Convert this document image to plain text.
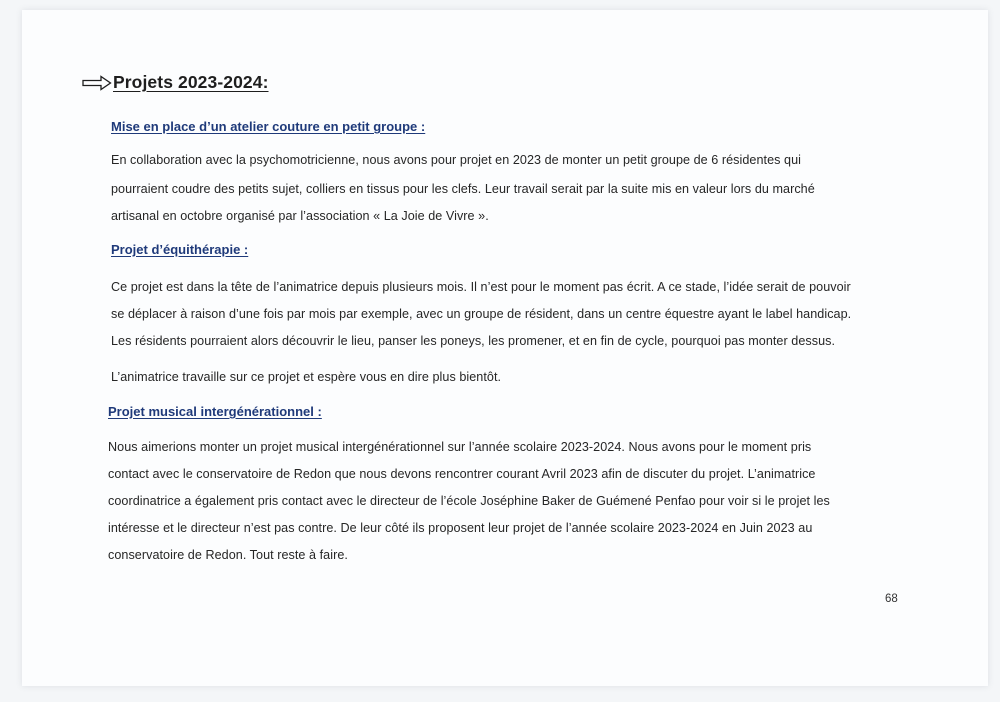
Projets 2023-2024:
Mise en place d’un atelier couture en petit groupe :
En collaboration avec la psychomotricienne, nous avons pour projet en 2023 de monter un petit groupe de 6 résidentes qui
pourraient coudre des petits sujet, colliers en tissus pour les clefs. Leur travail serait par la suite mis en valeur lors du marché
artisanal en octobre organisé par l’association « La Joie de Vivre ».
Projet d’équithérapie :
Ce projet est dans la tête de l’animatrice depuis plusieurs mois. Il n’est pour le moment pas écrit. A ce stade, l’idée serait de pouvoir
se déplacer à raison d’une fois par mois par exemple, avec un groupe de résident, dans un centre équestre ayant le label handicap.
Les résidents pourraient alors découvrir le lieu, panser les poneys, les promener, et en fin de cycle, pourquoi pas monter dessus.
L’animatrice travaille sur ce projet et espère vous en dire plus bientôt.
Projet musical intergénérationnel :
Nous aimerions monter un projet musical intergénérationnel sur l’année scolaire 2023-2024. Nous avons pour le moment pris
contact avec le conservatoire de Redon que nous devons rencontrer courant Avril 2023 afin de discuter du projet. L’animatrice
coordinatrice a également pris contact avec le directeur de l’école Joséphine Baker de Guémené Penfao pour voir si le projet les
intéresse et le directeur n’est pas contre. De leur côté ils proposent leur projet de l’année scolaire 2023-2024 en Juin 2023 au
conservatoire de Redon. Tout reste à faire.
68
